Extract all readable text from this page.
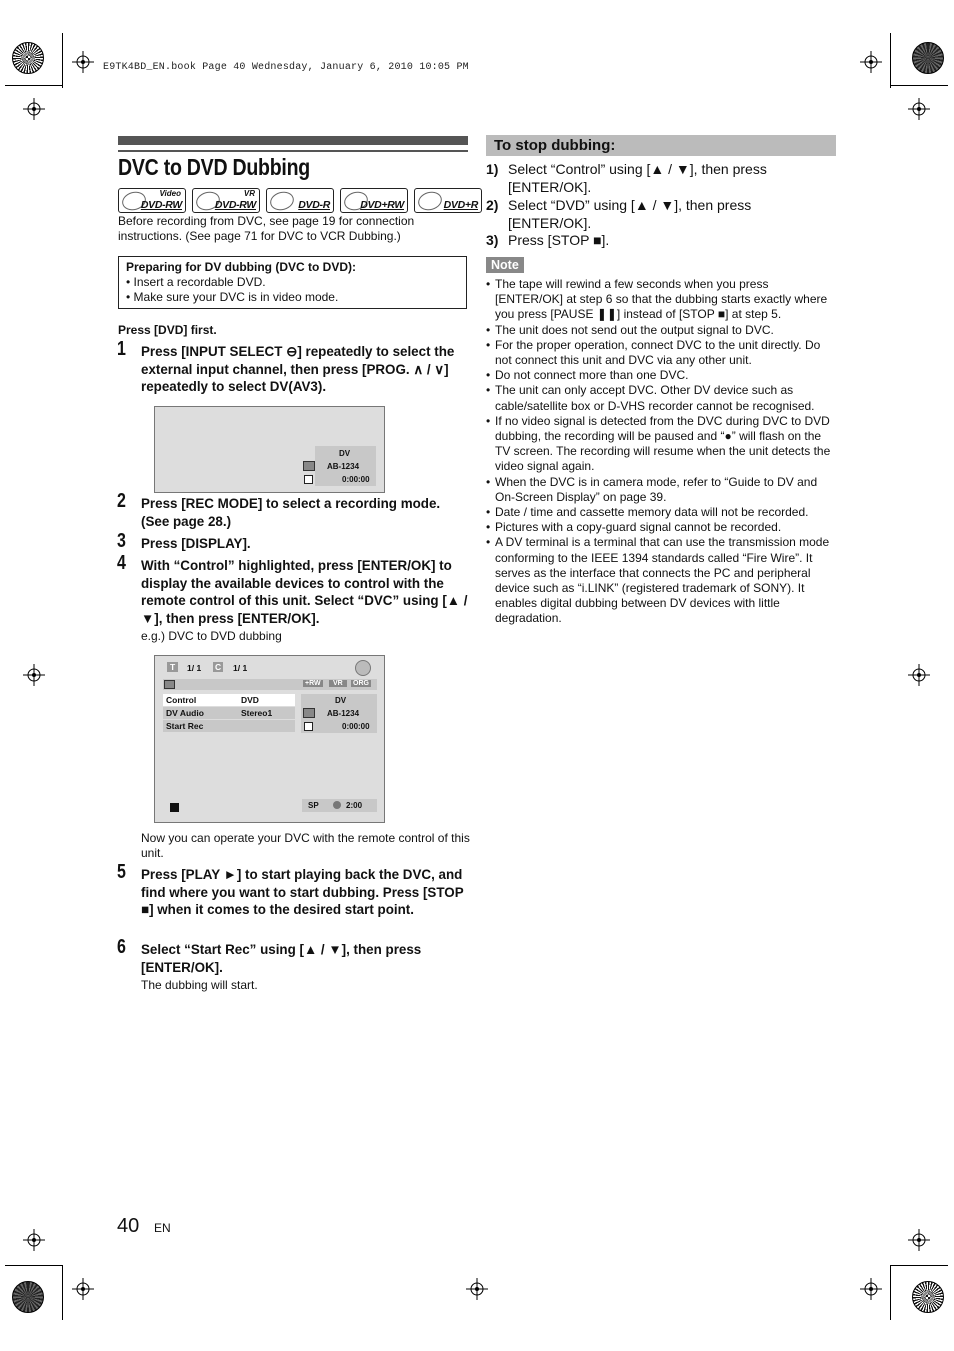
E9TK4BD_EN.book Page 40 Wednesday, January 6, 2010 10:05 PM
DVC to DVD Dubbing
Video
DVD-RW
VR
DVD-RW	DVD-R	DVD+RW	DVD+R
Before recording from DVC, see page 19 for connection instructions. (See page 71 for DVC to VCR Dubbing.)
Preparing for DV dubbing (DVC to DVD):
• Insert a recordable DVD.
• Make sure your DVC is in video mode.
Press [DVD] first.
1 Press [INPUT SELECT ⊖] repeatedly to select the external input channel, then press [PROG. ∧ / ∨] repeatedly to select DV(AV3).
DV
AB-1234
0:00:00
2 Press [REC MODE] to select a recording mode. (See page 28.)
3 Press [DISPLAY].
4 With “Control” highlighted, press [ENTER/OK] to display the available devices to control with the remote control of this unit. Select “DVC” using [▲ / ▼], then press [ENTER/OK].
e.g.) DVC to DVD dubbing
T	1/ 1 C 1/ 1
+RW	VR	ORG
Control	DVD
DV Audio	Stereo1
Start Rec
DV
AB-1234
0:00:00
SP	2:00
Now you can operate your DVC with the remote control of this unit.
5 Press [PLAY ►] to start playing back the DVC, and find where you want to start dubbing. Press [STOP ■] when it comes to the desired start point.
6 Select “Start Rec” using [▲ / ▼], then press [ENTER/OK].
The dubbing will start.
To stop dubbing:
1) Select “Control” using [▲ / ▼], then press [ENTER/OK].
2) Select “DVD” using [▲ / ▼], then press [ENTER/OK].
3) Press [STOP ■].
Note
• The tape will rewind a few seconds when you press [ENTER/OK] at step 6 so that the dubbing starts exactly where you press [PAUSE ❚❚] instead of [STOP ■] at step 5.
• The unit does not send out the output signal to DVC.
• For the proper operation, connect DVC to the unit directly. Do not connect this unit and DVC via any other unit.
• Do not connect more than one DVC.
• The unit can only accept DVC. Other DV device such as cable/satellite box or D-VHS recorder cannot be recognised.
• If no video signal is detected from the DVC during DVC to DVD dubbing, the recording will be paused and “●” will flash on the TV screen. The recording will resume when the unit detects the video signal again.
• When the DVC is in camera mode, refer to “Guide to DV and On-Screen Display” on page 39.
• Date / time and cassette memory data will not be recorded.
• Pictures with a copy-guard signal cannot be recorded.
• A DV terminal is a terminal that can use the transmission mode conforming to the IEEE 1394 standards called “Fire Wire”. It serves as the interface that connects the PC and peripheral device such as “i.LINK” (registered trademark of SONY). It enables digital dubbing between DV devices with little degradation.
40 EN
